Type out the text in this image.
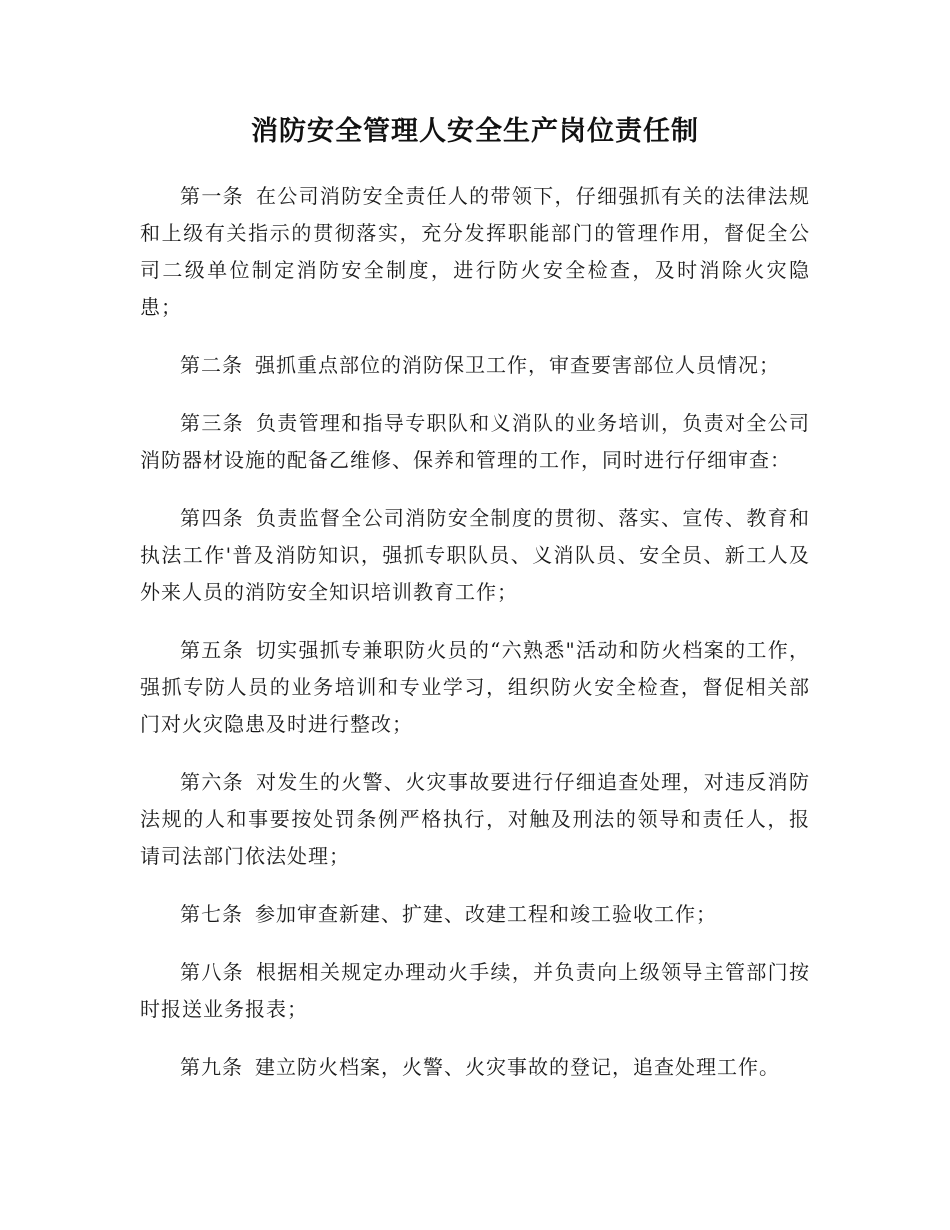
消防安全管理人安全生产岗位责任制

第一条 在公司消防安全责任人的带领下，仔细强抓有关的法律法规和上级有关指示的贯彻落实，充分发挥职能部门的管理作用，督促全公司二级单位制定消防安全制度，进行防火安全检查，及时消除火灾隐患；

第二条 强抓重点部位的消防保卫工作，审查要害部位人员情况；

第三条 负责管理和指导专职队和义消队的业务培训，负责对全公司消防器材设施的配备乙维修、保养和管理的工作，同时进行仔细审查：

第四条 负责监督全公司消防安全制度的贯彻、落实、宣传、教育和执法工作'普及消防知识，强抓专职队员、义消队员、安全员、新工人及外来人员的消防安全知识培训教育工作；

第五条 切实强抓专兼职防火员的“六熟悉"活动和防火档案的工作，强抓专防人员的业务培训和专业学习，组织防火安全检查，督促相关部门对火灾隐患及时进行整改；

第六条 对发生的火警、火灾事故要进行仔细追查处理，对违反消防法规的人和事要按处罚条例严格执行，对触及刑法的领导和责任人，报请司法部门依法处理；

第七条 参加审查新建、扩建、改建工程和竣工验收工作；

第八条 根据相关规定办理动火手续，并负责向上级领导主管部门按时报送业务报表；

第九条 建立防火档案，火警、火灾事故的登记，追查处理工作。
